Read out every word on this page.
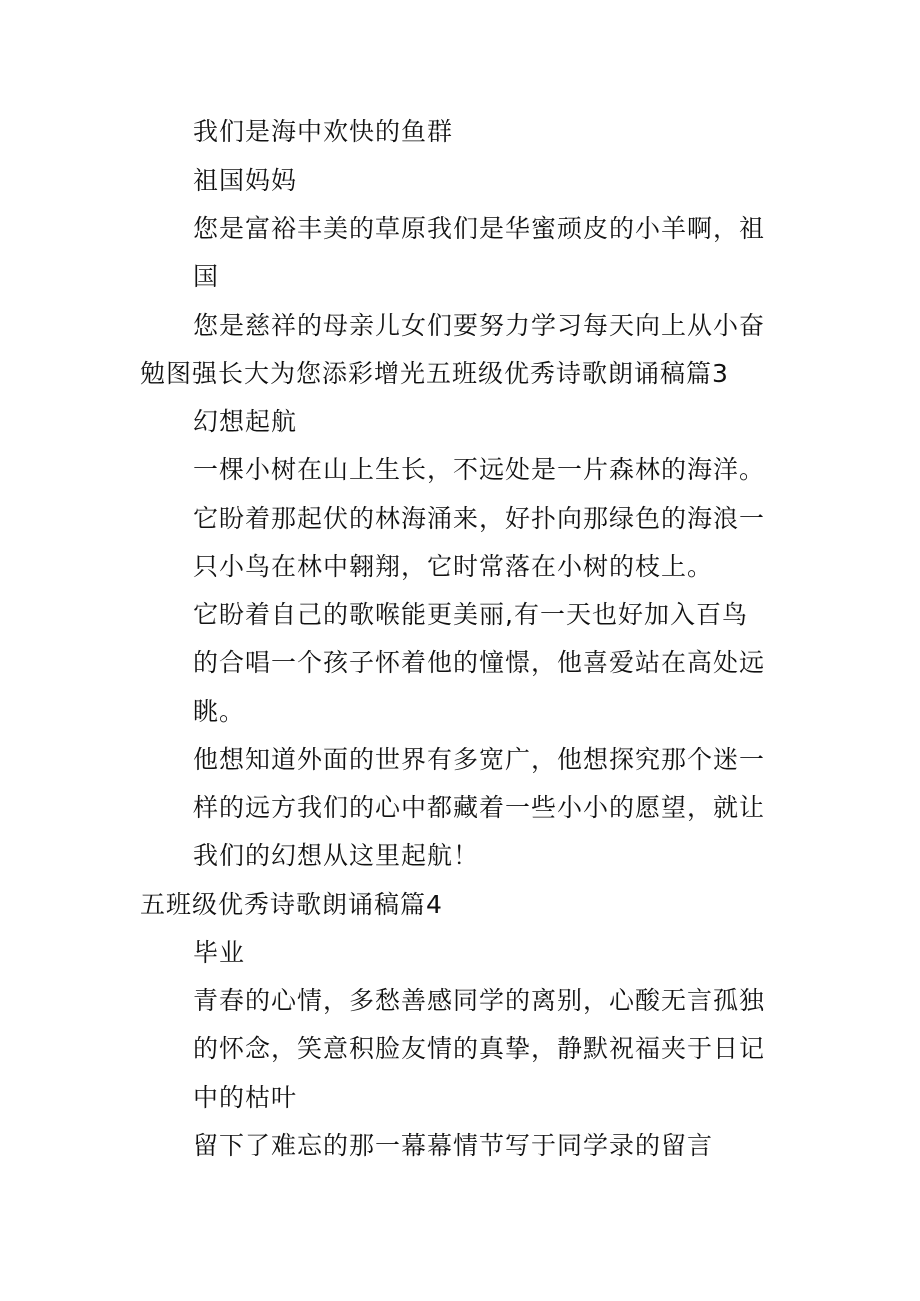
我们是海中欢快的鱼群
祖国妈妈
您是富裕丰美的草原我们是华蜜顽皮的小羊啊，祖
国
您是慈祥的母亲儿女们要努力学习每天向上从小奋
勉图强长大为您添彩增光五班级优秀诗歌朗诵稿篇3
幻想起航
一棵小树在山上生长，不远处是一片森林的海洋。
它盼着那起伏的林海涌来，好扑向那绿色的海浪一
只小鸟在林中翱翔，它时常落在小树的枝上。
它盼着自己的歌喉能更美丽,有一天也好加入百鸟
的合唱一个孩子怀着他的憧憬，他喜爱站在高处远
眺。
他想知道外面的世界有多宽广，他想探究那个迷一
样的远方我们的心中都藏着一些小小的愿望，就让
我们的幻想从这里起航！
五班级优秀诗歌朗诵稿篇4
毕业
青春的心情，多愁善感同学的离别，心酸无言孤独
的怀念，笑意积脸友情的真挚，静默祝福夹于日记
中的枯叶
留下了难忘的那一幕幕情节写于同学录的留言
